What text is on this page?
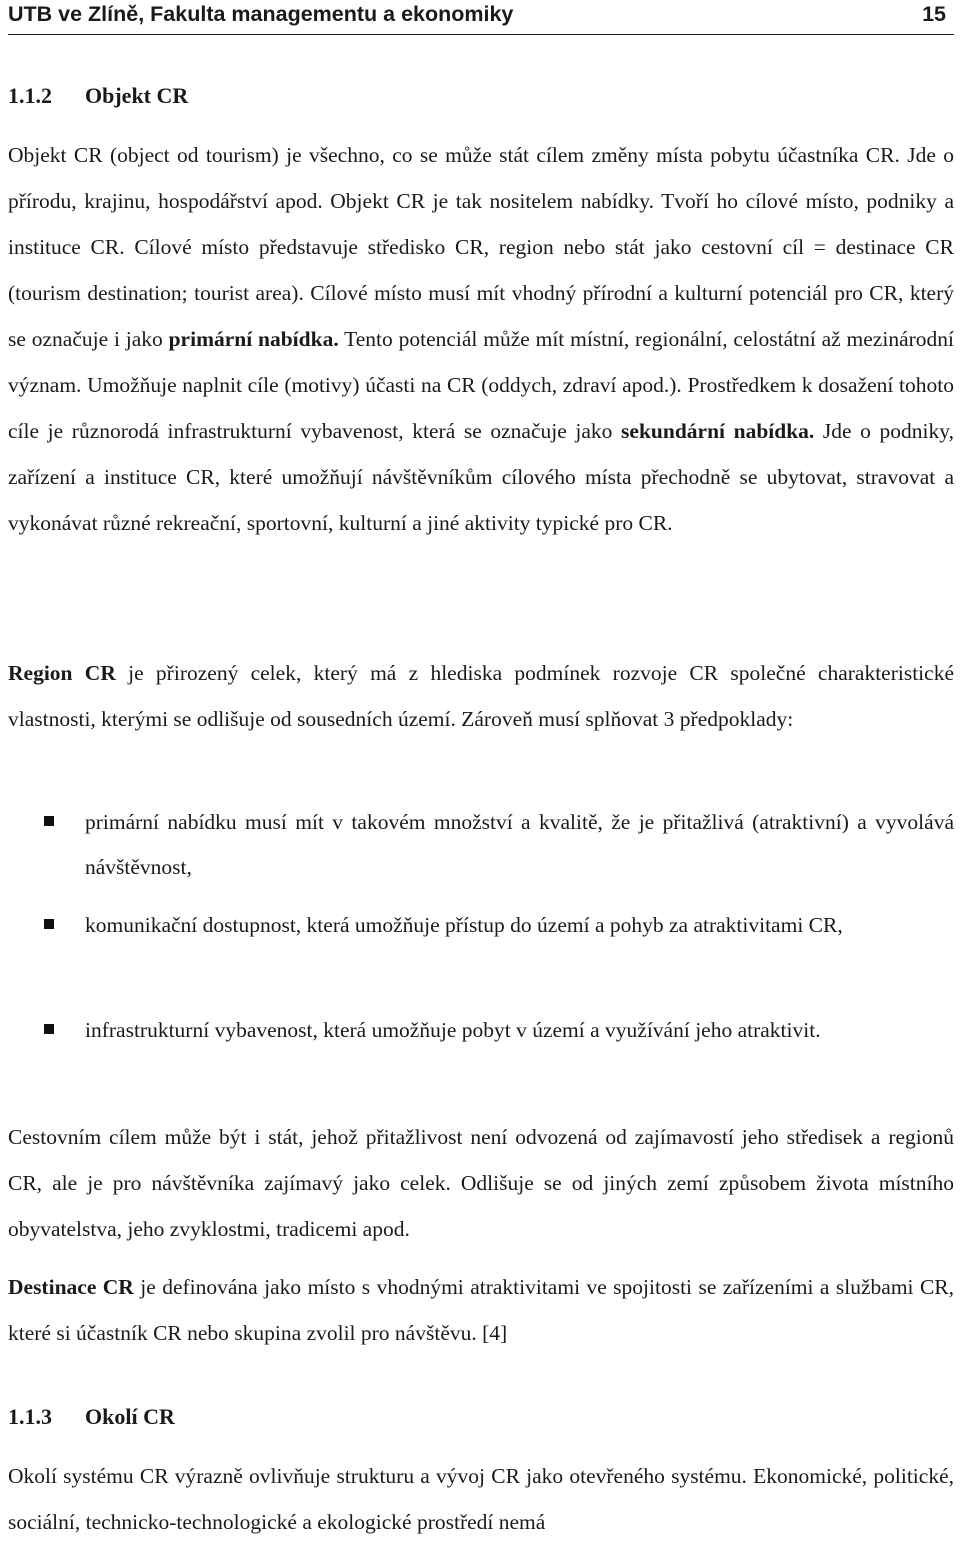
UTB ve Zlíně, Fakulta managementu a ekonomiky	15
1.1.2 Objekt CR

Objekt CR (object od tourism) je všechno, co se může stát cílem změny místa pobytu účastníka CR. Jde o přírodu, krajinu, hospodářství apod. Objekt CR je tak nositelem nabídky. Tvoří ho cílové místo, podniky a instituce CR. Cílové místo představuje středisko CR, region nebo stát jako cestovní cíl = destinace CR (tourism destination; tourist area). Cílové místo musí mít vhodný přírodní a kulturní potenciál pro CR, který se označuje i jako primární nabídka. Tento potenciál může mít místní, regionální, celostátní až mezinárodní význam. Umožňuje naplnit cíle (motivy) účasti na CR (oddych, zdraví apod.). Prostředkem k dosažení tohoto cíle je různorodá infrastrukturní vybavenost, která se označuje jako sekundární nabídka. Jde o podniky, zařízení a instituce CR, které umožňují návštěvníkům cílového místa přechodně se ubytovat, stravovat a vykonávat různé rekreační, sportovní, kulturní a jiné aktivity typické pro CR.

Region CR je přirozený celek, který má z hlediska podmínek rozvoje CR společné charakteristické vlastnosti, kterými se odlišuje od sousedních území. Zároveň musí splňovat 3 předpoklady:

primární nabídku musí mít v takovém množství a kvalitě, že je přitažlivá (atraktivní) a vyvolává návštěvnost,
komunikační dostupnost, která umožňuje přístup do území a pohyb za atraktivitami CR,
infrastrukturní vybavenost, která umožňuje pobyt v území a využívání jeho atraktivit.

Cestovním cílem může být i stát, jehož přitažlivost není odvozená od zajímavostí jeho středisek a regionů CR, ale je pro návštěvníka zajímavý jako celek. Odlišuje se od jiných zemí způsobem života místního obyvatelstva, jeho zvyklostmi, tradicemi apod.

Destinace CR je definována jako místo s vhodnými atraktivitami ve spojitosti se zařízeními a službami CR, které si účastník CR nebo skupina zvolil pro návštěvu. [4]

1.1.3 Okolí CR

Okolí systému CR výrazně ovlivňuje strukturu a vývoj CR jako otevřeného systému. Ekonomické, politické, sociální, technicko-technologické a ekologické prostředí nemá
